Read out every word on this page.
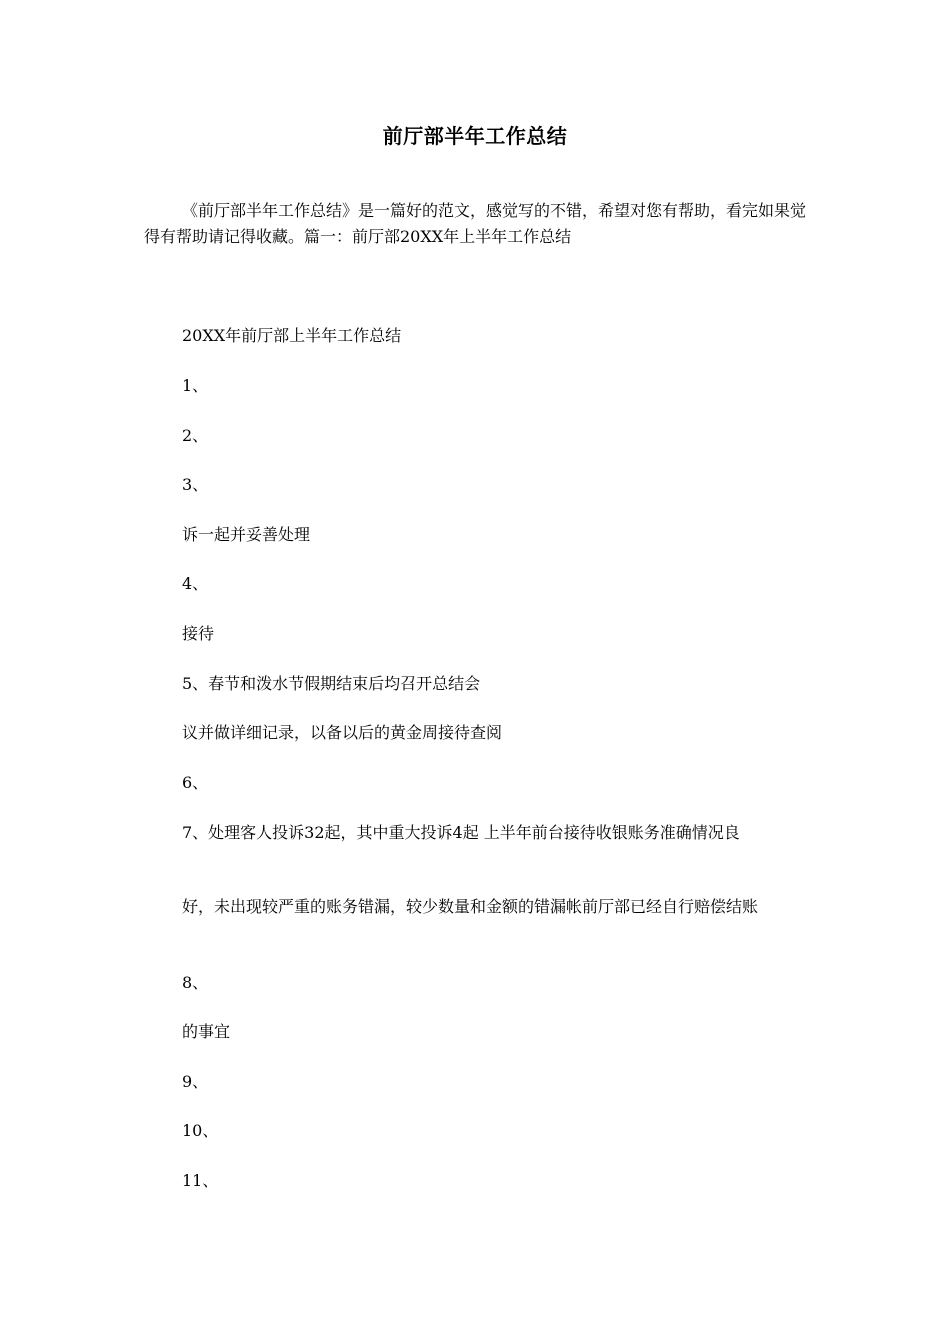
前厅部半年工作总结

《前厅部半年工作总结》是一篇好的范文，感觉写的不错，希望对您有帮助，看完如果觉得有帮助请记得收藏。篇一：前厅部20XX年上半年工作总结

20XX年前厅部上半年工作总结

1、

2、

3、

诉一起并妥善处理

4、

接待

5、春节和泼水节假期结束后均召开总结会

议并做详细记录，以备以后的黄金周接待查阅

6、

7、处理客人投诉32起，其中重大投诉4起 上半年前台接待收银账务准确情况良

好，未出现较严重的账务错漏，较少数量和金额的错漏帐前厅部已经自行赔偿结账

8、

的事宜

9、

10、

11、
